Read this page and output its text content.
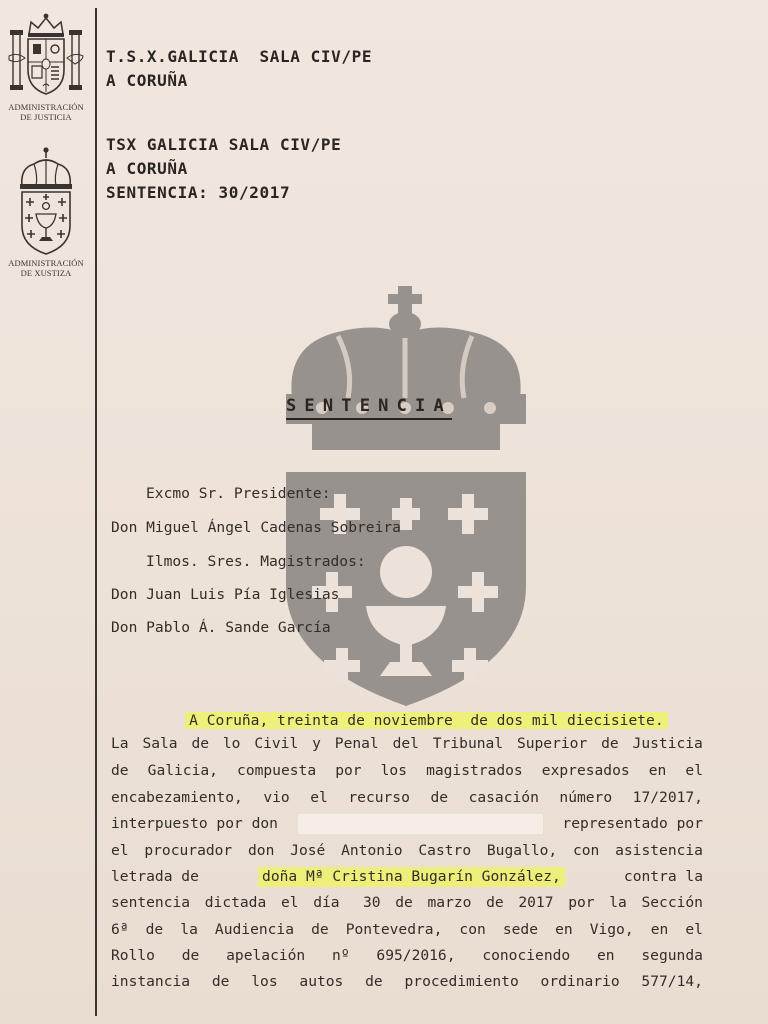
ADMINISTRACIÓN
DE JUSTICIA
ADMINISTRACIÓN
DE XUSTIZA
T.S.X.GALICIA  SALA CIV/PE
A CORUÑA
TSX GALICIA SALA CIV/PE
A CORUÑA
SENTENCIA: 30/2017
SENTENCIA
Excmo Sr. Presidente:
Don Miguel Ángel Cadenas Sobreira
Ilmos. Sres. Magistrados:
Don Juan Luis Pía Iglesias
Don Pablo Á. Sande García

A Coruña, treinta de noviembre  de dos mil diecisiete.

La Sala de lo Civil y Penal del Tribunal Superior de Justicia
de Galicia, compuesta por los magistrados expresados en el
encabezamiento, vio el recurso de casación número 17/2017,
interpuesto por don	representado por
el procurador don José Antonio Castro Bugallo, con asistencia
letrada de	doña Mª Cristina Bugarín González,	contra la
sentencia dictada el día 30 de marzo de 2017 por la Sección
6ª de la Audiencia de Pontevedra, con sede en Vigo, en el
Rollo de apelación nº 695/2016, conociendo en segunda
instancia de los autos de procedimiento ordinario 577/14,
